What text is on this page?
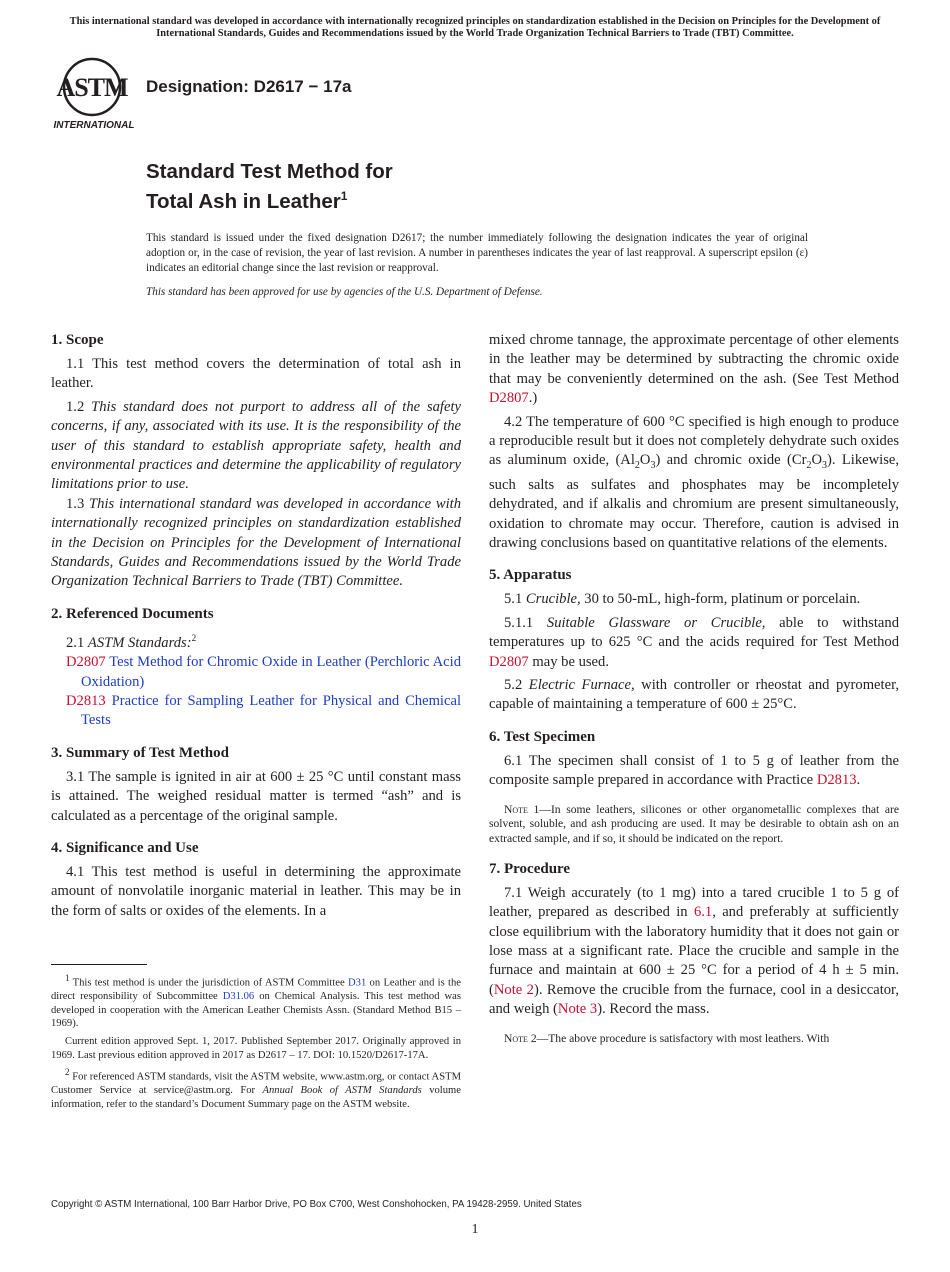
This international standard was developed in accordance with internationally recognized principles on standardization established in the Decision on Principles for the Development of International Standards, Guides and Recommendations issued by the World Trade Organization Technical Barriers to Trade (TBT) Committee.
ASTM
INTERNATIONAL
Designation: D2617 − 17a
Standard Test Method for
Total Ash in Leather$^1$
This standard is issued under the fixed designation D2617; the number immediately following the designation indicates the year of original adoption or, in the case of revision, the year of last revision. A number in parentheses indicates the year of last reapproval. A superscript epsilon (ε) indicates an editorial change since the last revision or reapproval.
This standard has been approved for use by agencies of the U.S. Department of Defense.
1. Scope

1.1 This test method covers the determination of total ash in leather.

1.2 This standard does not purport to address all of the safety concerns, if any, associated with its use. It is the responsibility of the user of this standard to establish appropriate safety, health and environmental practices and determine the applicability of regulatory limitations prior to use.

1.3 This international standard was developed in accordance with internationally recognized principles on standardization established in the Decision on Principles for the Development of International Standards, Guides and Recommendations issued by the World Trade Organization Technical Barriers to Trade (TBT) Committee.

2. Referenced Documents

2.1 ASTM Standards:$^2$

D2807 Test Method for Chromic Oxide in Leather (Perchloric Acid Oxidation)

D2813 Practice for Sampling Leather for Physical and Chemical Tests

3. Summary of Test Method

3.1 The sample is ignited in air at 600 ± 25 °C until constant mass is attained. The weighed residual matter is termed “ash” and is calculated as a percentage of the original sample.

4. Significance and Use

4.1 This test method is useful in determining the approximate amount of nonvolatile inorganic material in leather. This may be in the form of salts or oxides of the elements. In a

$^1$ This test method is under the jurisdiction of ASTM Committee D31 on Leather and is the direct responsibility of Subcommittee D31.06 on Chemical Analysis. This test method was developed in cooperation with the American Leather Chemists Assn. (Standard Method B15 – 1969).

Current edition approved Sept. 1, 2017. Published September 2017. Originally approved in 1969. Last previous edition approved in 2017 as D2617 – 17. DOI: 10.1520/D2617-17A.

$^2$ For referenced ASTM standards, visit the ASTM website, www.astm.org, or contact ASTM Customer Service at service@astm.org. For Annual Book of ASTM Standards volume information, refer to the standard’s Document Summary page on the ASTM website.

mixed chrome tannage, the approximate percentage of other elements in the leather may be determined by subtracting the chromic oxide that may be conveniently determined on the ash. (See Test Method D2807.)

4.2 The temperature of 600 °C specified is high enough to produce a reproducible result but it does not completely dehydrate such oxides as aluminum oxide, $(Al_2O_3)$ and chromic oxide $(Cr_2O_3)$. Likewise, such salts as sulfates and phosphates may be incompletely dehydrated, and if alkalis and chromium are present simultaneously, oxidation to chromate may occur. Therefore, caution is advised in drawing conclusions based on quantitative relations of the elements.

5. Apparatus

5.1 Crucible, 30 to 50-mL, high-form, platinum or porcelain.

5.1.1 Suitable Glassware or Crucible, able to withstand temperatures up to 625 °C and the acids required for Test Method D2807 may be used.

5.2 Electric Furnace, with controller or rheostat and pyrometer, capable of maintaining a temperature of 600 ± 25°C.

6. Test Specimen

6.1 The specimen shall consist of 1 to 5 g of leather from the composite sample prepared in accordance with Practice D2813.

Note 1—In some leathers, silicones or other organometallic complexes that are solvent, soluble, and ash producing are used. It may be desirable to obtain ash on an extracted sample, and if so, it should be indicated on the report.

7. Procedure

7.1 Weigh accurately (to 1 mg) into a tared crucible 1 to 5 g of leather, prepared as described in 6.1, and preferably at sufficiently close equilibrium with the laboratory humidity that it does not gain or lose mass at a significant rate. Place the crucible and sample in the furnace and maintain at 600 ± 25 °C for a period of 4 h ± 5 min. (Note 2). Remove the crucible from the furnace, cool in a desiccator, and weigh (Note 3). Record the mass.

Note 2—The above procedure is satisfactory with most leathers. With

Copyright © ASTM International, 100 Barr Harbor Drive, PO Box C700, West Conshohocken, PA 19428-2959. United States
1
